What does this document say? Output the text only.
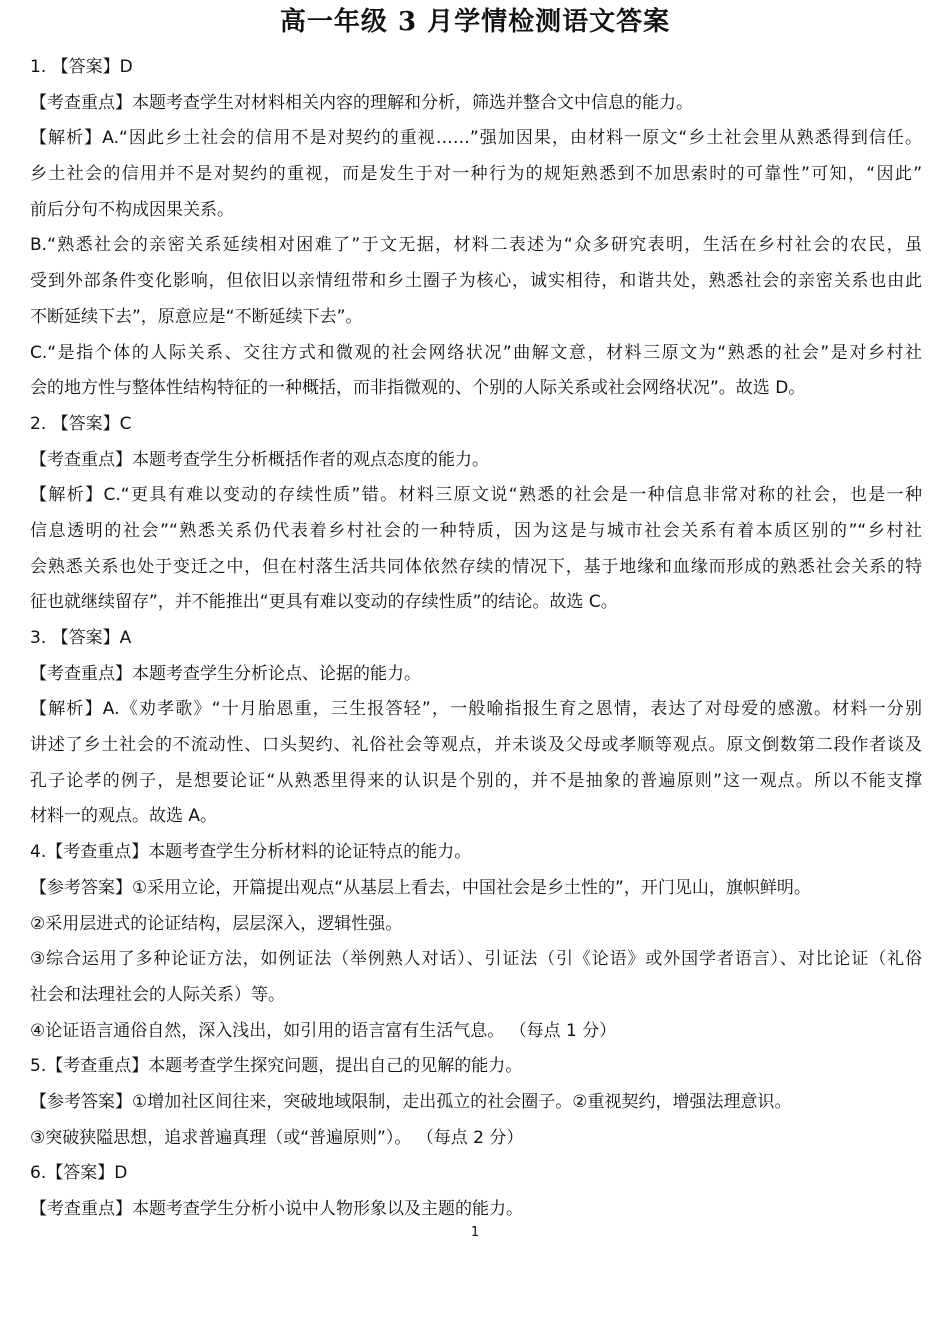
高一年级 3 月学情检测语文答案
1. 【答案】D
【考查重点】本题考查学生对材料相关内容的理解和分析，筛选并整合文中信息的能力。
【解析】A.“因此乡土社会的信用不是对契约的重视……”强加因果，由材料一原文“乡土社会里从熟悉得到信任。
乡土社会的信用并不是对契约的重视，而是发生于对一种行为的规矩熟悉到不加思索时的可靠性”可知，“因此”
前后分句不构成因果关系。
B.“熟悉社会的亲密关系延续相对困难了”于文无据，材料二表述为“众多研究表明，生活在乡村社会的农民，虽
受到外部条件变化影响，但依旧以亲情纽带和乡土圈子为核心，诚实相待，和谐共处，熟悉社会的亲密关系也由此
不断延续下去”，原意应是“不断延续下去”。
C.“是指个体的人际关系、交往方式和微观的社会网络状况”曲解文意，材料三原文为“熟悉的社会”是对乡村社
会的地方性与整体性结构特征的一种概括，而非指微观的、个别的人际关系或社会网络状况”。故选 D。
2. 【答案】C
【考查重点】本题考查学生分析概括作者的观点态度的能力。
【解析】C.“更具有难以变动的存续性质”错。材料三原文说“熟悉的社会是一种信息非常对称的社会，也是一种
信息透明的社会”“熟悉关系仍代表着乡村社会的一种特质，因为这是与城市社会关系有着本质区别的”“乡村社
会熟悉关系也处于变迁之中，但在村落生活共同体依然存续的情况下，基于地缘和血缘而形成的熟悉社会关系的特
征也就继续留存”，并不能推出“更具有难以变动的存续性质”的结论。故选 C。
3. 【答案】A
【考查重点】本题考查学生分析论点、论据的能力。
【解析】A.《劝孝歌》“十月胎恩重，三生报答轻”，一般喻指报生育之恩情，表达了对母爱的感激。材料一分别
讲述了乡土社会的不流动性、口头契约、礼俗社会等观点，并未谈及父母或孝顺等观点。原文倒数第二段作者谈及
孔子论孝的例子，是想要论证“从熟悉里得来的认识是个别的，并不是抽象的普遍原则”这一观点。所以不能支撑
材料一的观点。故选 A。
4.【考查重点】本题考查学生分析材料的论证特点的能力。
【参考答案】①采用立论，开篇提出观点“从基层上看去，中国社会是乡土性的”，开门见山，旗帜鲜明。
②采用层进式的论证结构，层层深入，逻辑性强。
③综合运用了多种论证方法，如例证法（举例熟人对话）、引证法（引《论语》或外国学者语言）、对比论证（礼俗
社会和法理社会的人际关系）等。
④论证语言通俗自然，深入浅出，如引用的语言富有生活气息。 （每点 1 分）
5.【考查重点】本题考查学生探究问题，提出自己的见解的能力。
【参考答案】①增加社区间往来，突破地域限制，走出孤立的社会圈子。②重视契约，增强法理意识。
③突破狭隘思想，追求普遍真理（或“普遍原则”）。 （每点 2 分）
6.【答案】D
【考查重点】本题考查学生分析小说中人物形象以及主题的能力。
1
